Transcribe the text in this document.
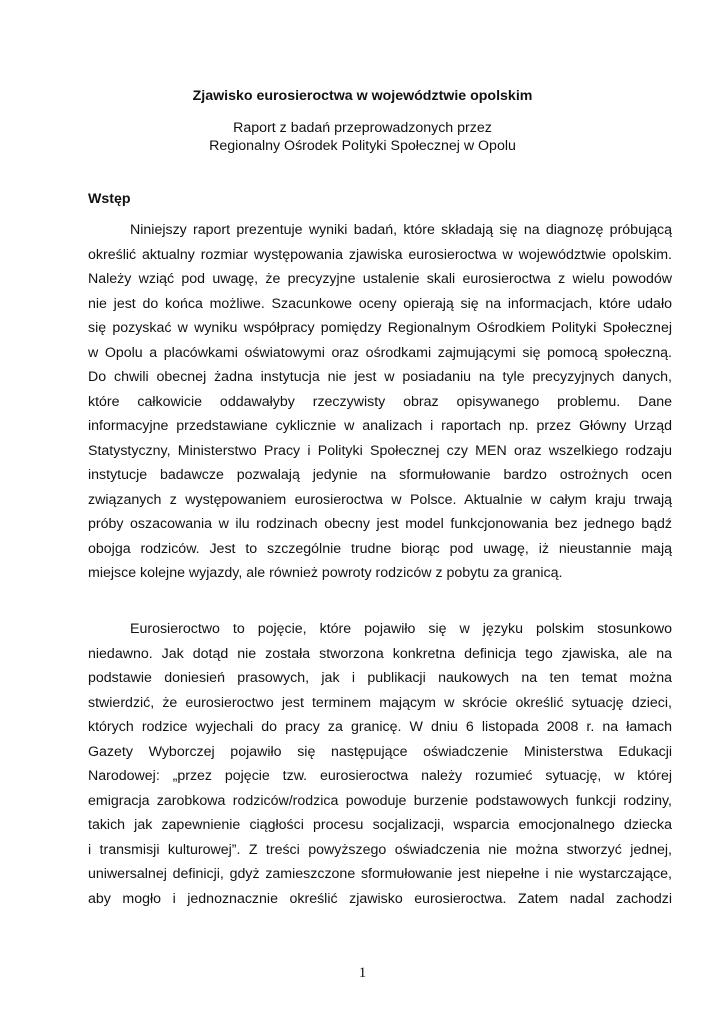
Zjawisko eurosieroctwa w województwie opolskim

Raport z badań przeprowadzonych przez

Regionalny Ośrodek Polityki Społecznej w Opolu

Wstęp

Niniejszy raport prezentuje wyniki badań, które składają się na diagnozę próbującą
określić aktualny rozmiar występowania zjawiska eurosieroctwa w województwie opolskim.
Należy wziąć pod uwagę, że precyzyjne ustalenie skali eurosieroctwa z wielu powodów
nie jest do końca możliwe. Szacunkowe oceny opierają się na informacjach, które udało
się pozyskać w wyniku współpracy pomiędzy Regionalnym Ośrodkiem Polityki Społecznej
w Opolu a placówkami oświatowymi oraz ośrodkami zajmującymi się pomocą społeczną.
Do chwili obecnej żadna instytucja nie jest w posiadaniu na tyle precyzyjnych danych,
które całkowicie oddawałyby rzeczywisty obraz opisywanego problemu. Dane
informacyjne przedstawiane cyklicznie w analizach i raportach np. przez Główny Urząd
Statystyczny, Ministerstwo Pracy i Polityki Społecznej czy MEN oraz wszelkiego rodzaju
instytucje badawcze pozwalają jedynie na sformułowanie bardzo ostrożnych ocen
związanych z występowaniem eurosieroctwa w Polsce. Aktualnie w całym kraju trwają
próby oszacowania w ilu rodzinach obecny jest model funkcjonowania bez jednego bądź
obojga rodziców. Jest to szczególnie trudne biorąc pod uwagę, iż nieustannie mają
miejsce kolejne wyjazdy, ale również powroty rodziców z pobytu za granicą.
Eurosieroctwo to pojęcie, które pojawiło się w języku polskim stosunkowo
niedawno. Jak dotąd nie została stworzona konkretna definicja tego zjawiska, ale na
podstawie doniesień prasowych, jak i publikacji naukowych na ten temat można
stwierdzić, że eurosieroctwo jest terminem mającym w skrócie określić sytuację dzieci,
których rodzice wyjechali do pracy za granicę. W dniu 6 listopada 2008 r. na łamach
Gazety Wyborczej pojawiło się następujące oświadczenie Ministerstwa Edukacji
Narodowej: „przez pojęcie tzw. eurosieroctwa należy rozumieć sytuację, w której
emigracja zarobkowa rodziców/rodzica powoduje burzenie podstawowych funkcji rodziny,
takich jak zapewnienie ciągłości procesu socjalizacji, wsparcia emocjonalnego dziecka
i transmisji kulturowej”. Z treści powyższego oświadczenia nie można stworzyć jednej,
uniwersalnej definicji, gdyż zamieszczone sformułowanie jest niepełne i nie wystarczające,
aby mogło i jednoznacznie określić zjawisko eurosieroctwa. Zatem nadal zachodzi

1
